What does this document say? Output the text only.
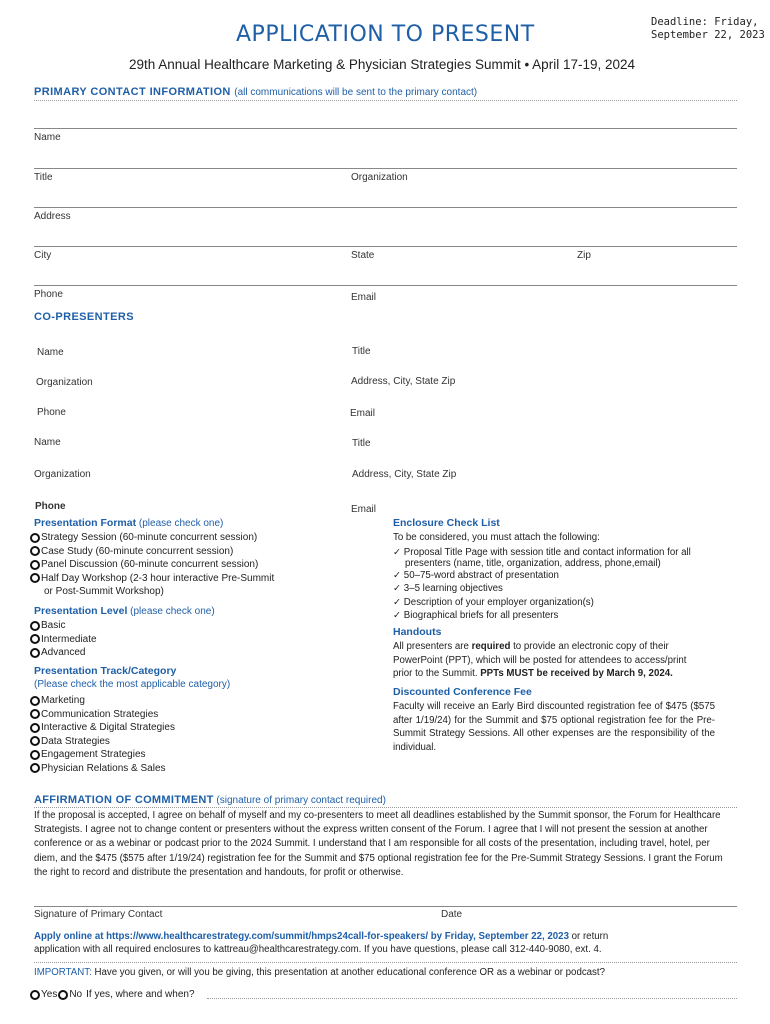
APPLICATION TO PRESENT	Deadline: Friday,
September 22, 2023
29th Annual Healthcare Marketing & Physician Strategies Summit • April 17-19, 2024
PRIMARY CONTACT INFORMATION (all communications will be sent to the primary contact)
Name
Title	Organization
Address
City	State	Zip
Phone	Email
CO-PRESENTERS
Name	Title
Organization	Address, City, State Zip
Phone	Email
Name	Title
Organization	Address, City, State Zip
Phone	Email
Presentation Format (please check one)
Strategy Session (60-minute concurrent session)
Case Study (60-minute concurrent session)
Panel Discussion (60-minute concurrent session)
Half Day Workshop (2-3 hour interactive Pre-Summit
or Post-Summit Workshop)
Presentation Level (please check one)
Basic
Intermediate
Advanced
Presentation Track/Category
(Please check the most applicable category)
Marketing
Communication Strategies
Interactive & Digital Strategies
Data Strategies
Engagement Strategies
Physician Relations & Sales
Enclosure Check List
To be considered, you must attach the following:
✓ Proposal Title Page with session title and contact information for all
presenters (name, title, organization, address, phone,email)
✓ 50–75-word abstract of presentation
✓ 3–5 learning objectives
✓ Description of your employer organization(s)
✓ Biographical briefs for all presenters
Handouts
All presenters are required to provide an electronic copy of their
PowerPoint (PPT), which will be posted for attendees to access/print
prior to the Summit. PPTs MUST be received by March 9, 2024.
Discounted Conference Fee
Faculty will receive an Early Bird discounted registration fee of $475 ($575 after 1/19/24) for the Summit and $75 optional registration fee for the Pre-Summit Strategy Sessions. All other expenses are the responsibility of the individual.
AFFIRMATION OF COMMITMENT (signature of primary contact required)
If the proposal is accepted, I agree on behalf of myself and my co-presenters to meet all deadlines established by the Summit sponsor, the Forum for Healthcare Strategists. I agree not to change content or presenters without the express written consent of the Forum. I agree that I will not present the session at another conference or as a webinar or podcast prior to the 2024 Summit. I understand that I am responsible for all costs of the presentation, including travel, hotel, per diem, and the $475 ($575 after 1/19/24) registration fee for the Summit and $75 optional registration fee for the Pre-Summit Strategy Sessions. I grant the Forum the right to record and distribute the presentation and handouts, for profit or otherwise.
Signature of Primary Contact	Date
Apply online at https://www.healthcarestrategy.com/summit/hmps24call-for-speakers/ by Friday, September 22, 2023 or return
application with all required enclosures to kattreau@healthcarestrategy.com. If you have questions, please call 312-440-9080, ext. 4.
IMPORTANT: Have you given, or will you be giving, this presentation at another educational conference OR as a webinar or podcast?
Yes No If yes, where and when?
